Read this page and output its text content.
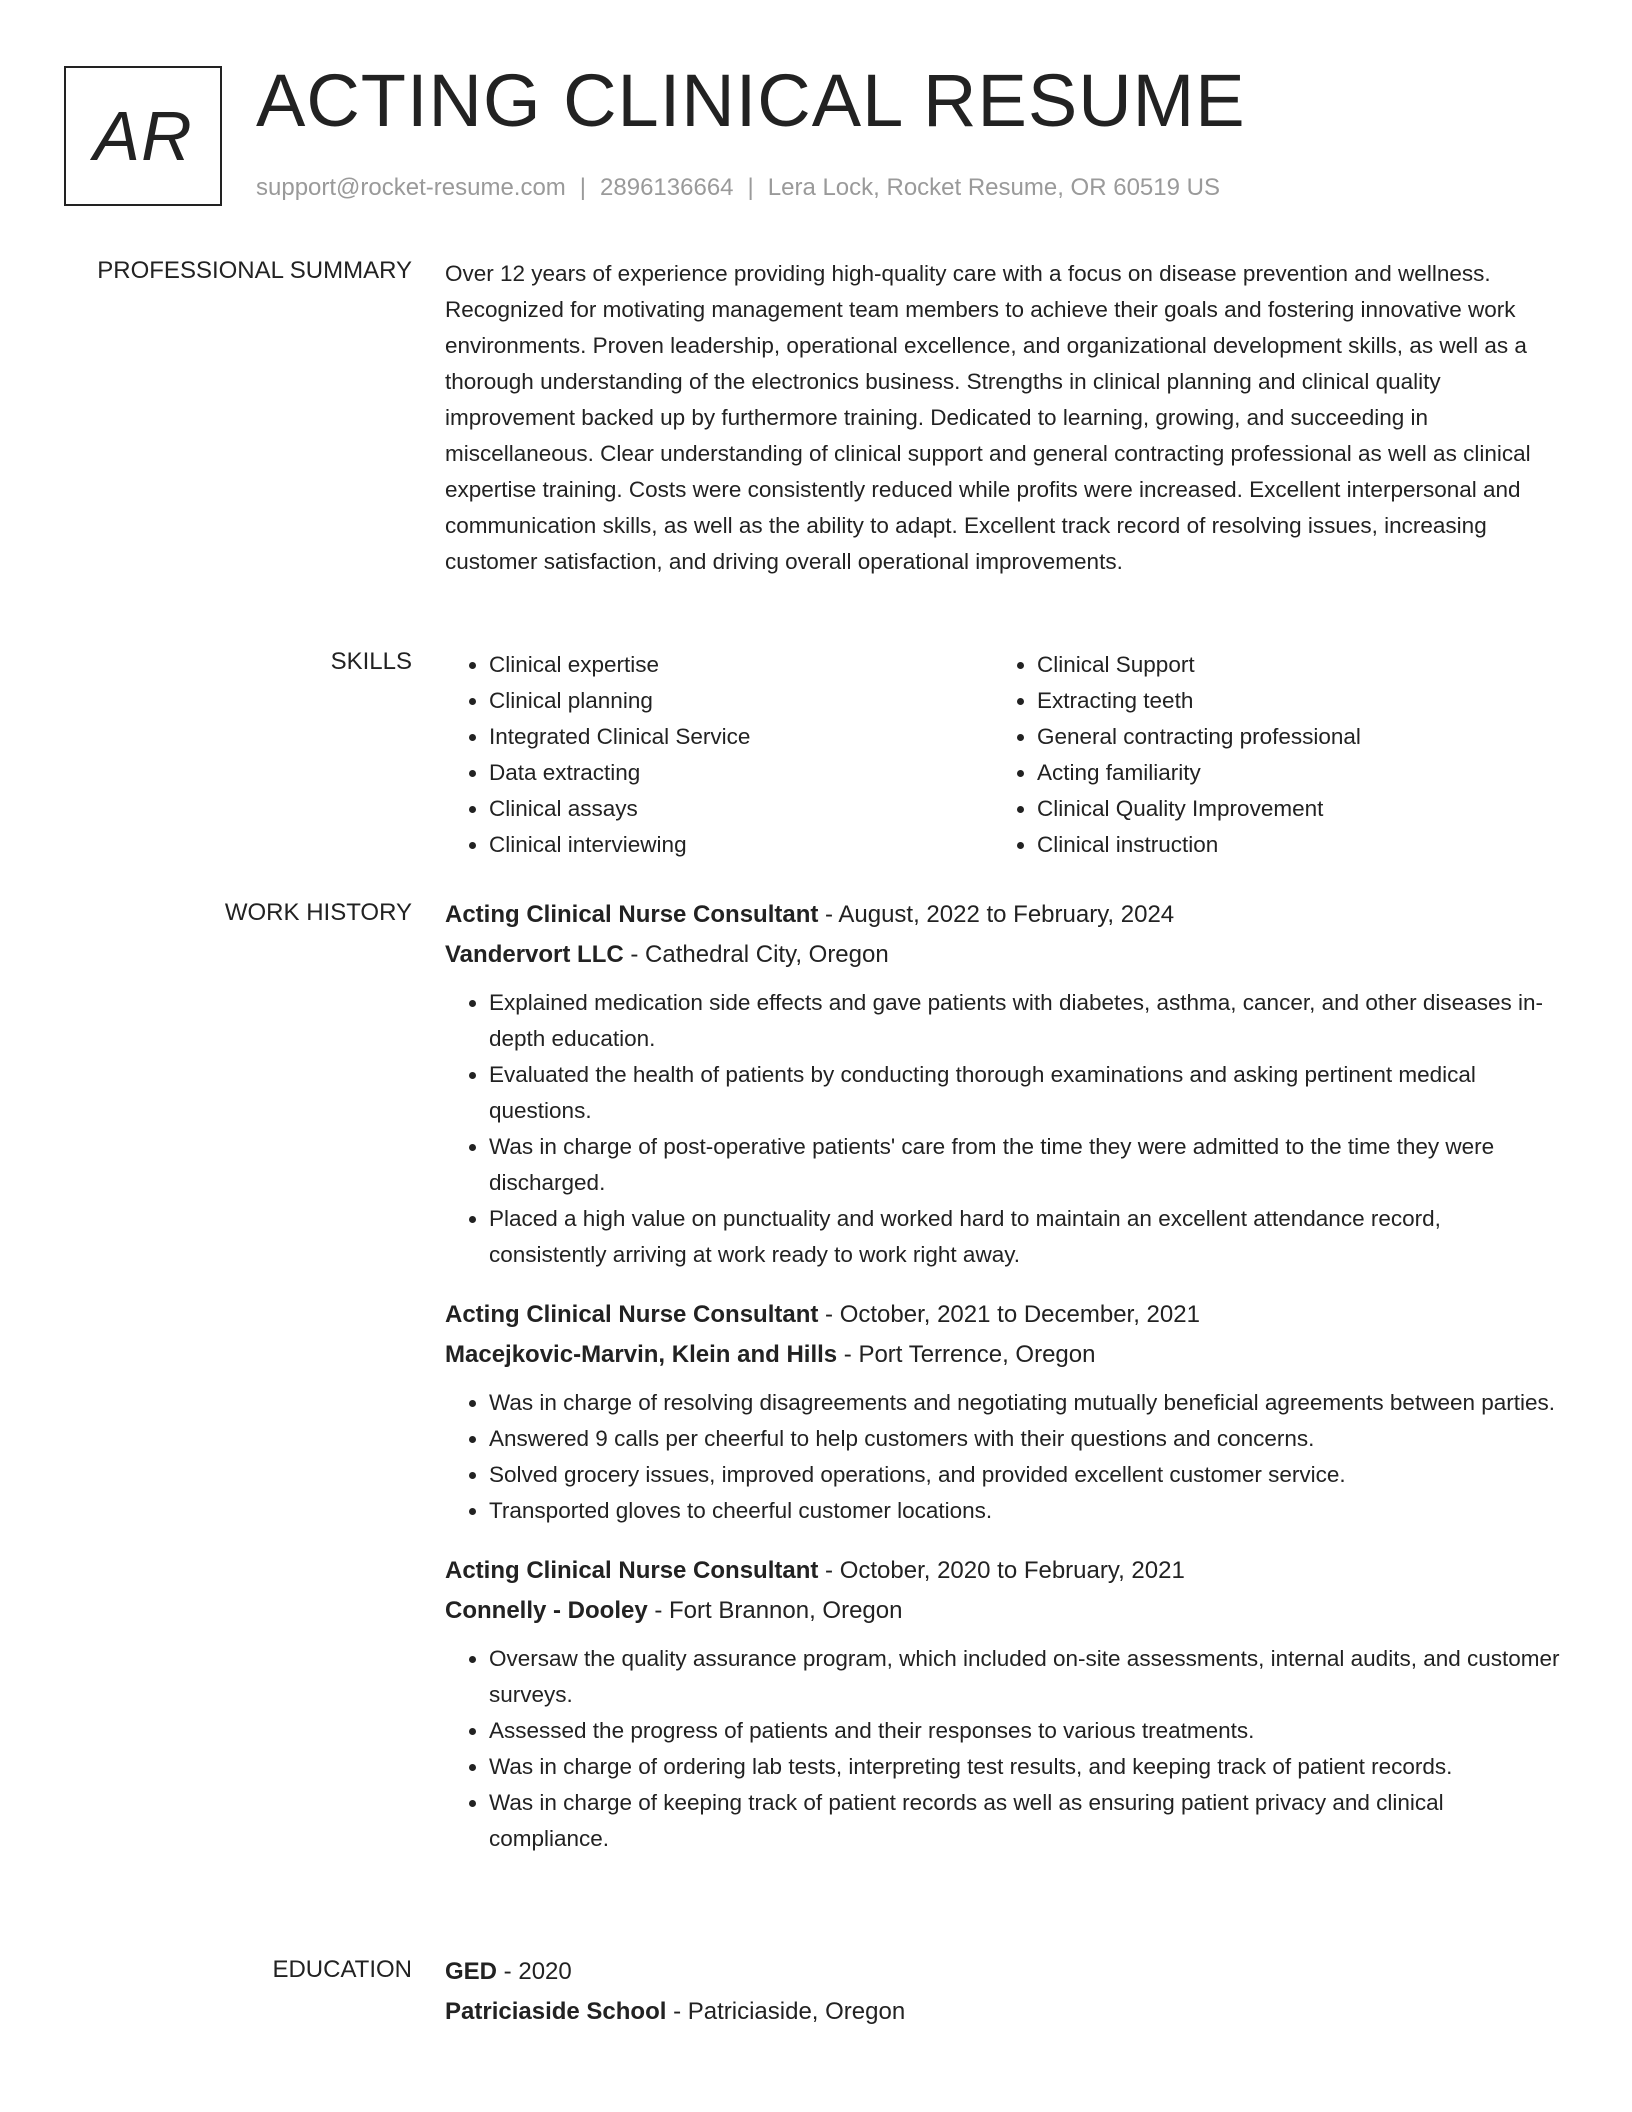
AR ACTING CLINICAL RESUME
support@rocket-resume.com | 2896136664 | Lera Lock, Rocket Resume, OR 60519 US
PROFESSIONAL SUMMARY Over 12 years of experience providing high-quality care with a focus on disease prevention and wellness. Recognized for motivating management team members to achieve their goals and fostering innovative work environments. Proven leadership, operational excellence, and organizational development skills, as well as a thorough understanding of the electronics business. Strengths in clinical planning and clinical quality improvement backed up by furthermore training. Dedicated to learning, growing, and succeeding in miscellaneous. Clear understanding of clinical support and general contracting professional as well as clinical expertise training. Costs were consistently reduced while profits were increased. Excellent interpersonal and communication skills, as well as the ability to adapt. Excellent track record of resolving issues, increasing customer satisfaction, and driving overall operational improvements.

SKILLS
•	Clinical expertise
• Clinical planning
• Integrated Clinical Service
• Data extracting
• Clinical assays
• Clinical interviewing
• Clinical Support
• Extracting teeth
• General contracting professional
• Acting familiarity
• Clinical Quality Improvement
• Clinical instruction
WORK HISTORY Acting Clinical Nurse Consultant - August, 2022 to February, 2024
Vandervort LLC - Cathedral City, Oregon
• Explained medication side effects and gave patients with diabetes, asthma, cancer, and other diseases in-depth education.
• Evaluated the health of patients by conducting thorough examinations and asking pertinent medical questions.
• Was in charge of post-operative patients' care from the time they were admitted to the time they were discharged.
• Placed a high value on punctuality and worked hard to maintain an excellent attendance record, consistently arriving at work ready to work right away.
Acting Clinical Nurse Consultant - October, 2021 to December, 2021
Macejkovic-Marvin, Klein and Hills - Port Terrence, Oregon
• Was in charge of resolving disagreements and negotiating mutually beneficial agreements between parties.
• Answered 9 calls per cheerful to help customers with their questions and concerns.
• Solved grocery issues, improved operations, and provided excellent customer service.
• Transported gloves to cheerful customer locations.
Acting Clinical Nurse Consultant - October, 2020 to February, 2021
Connelly - Dooley - Fort Brannon, Oregon
• Oversaw the quality assurance program, which included on-site assessments, internal audits, and customer surveys.
• Assessed the progress of patients and their responses to various treatments.
• Was in charge of ordering lab tests, interpreting test results, and keeping track of patient records.
• Was in charge of keeping track of patient records as well as ensuring patient privacy and clinical compliance.
EDUCATION GED - 2020
Patriciaside School - Patriciaside, Oregon
